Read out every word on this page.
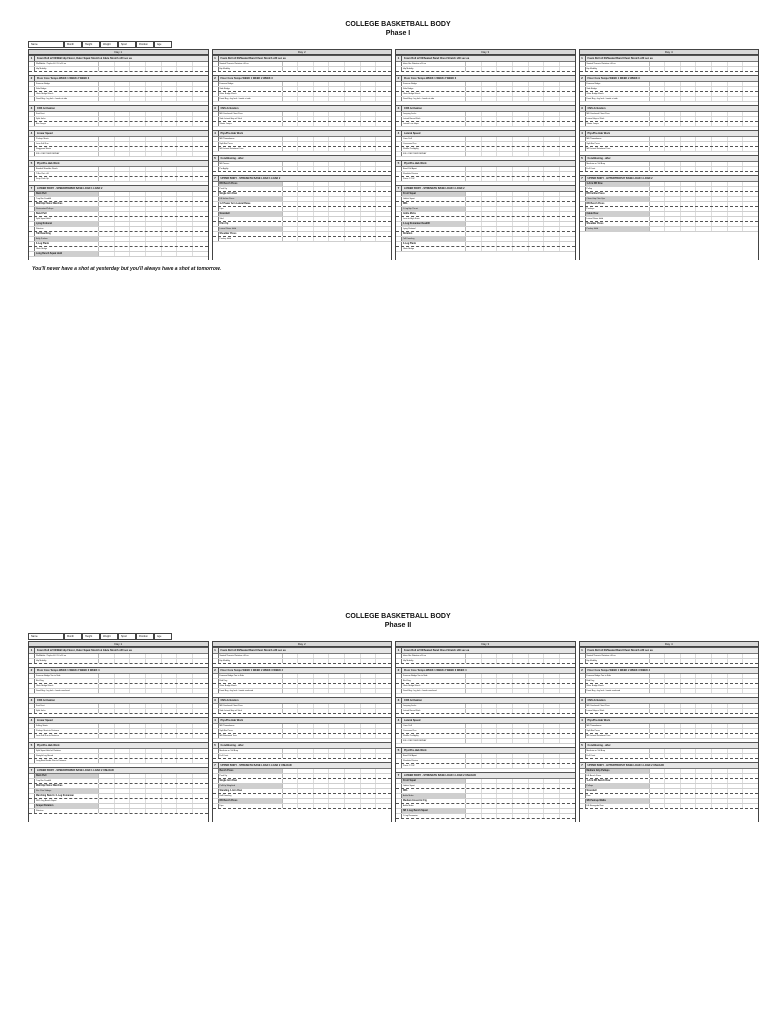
COLLEGE BASKETBALL BODY
Phase I
Name	Month	Height	Weight	Sport	Position	Age
Day 1
1	Foam Roll x2:00/Wall Hip Flexor, Outer Squat Stretch & Glute Stretch x30 sec ea
Wall Ankle / Triple x10 / 10 x10 ea
Hip Mobility
2	Floor Core Tempo WEEK 1 WEEK 2 WEEK 3
Forearm Bridge
Side Bridge
Glute Bridge March
Dead Bug - leg lock - hands at side
3	CNS Activation
Fast Feet
Split Jacks
Box Jumps
4	Linear Speed
Pushup Starts
Lean Fall Run
Staggered Starts
FULL REST B/W REPEAT
5	Plyo/Pre-Hab Work
Banded Shoulder Reach
T-Bar Rot. x10
Scap Push Up
7	LOWER BODY - SPEED/POWER BASE LOAD 1 LOAD 2
Rack Pull
Trap Bar Deadlift
Wall Hip Flexor Marches
Restoration/Pullups
Band Pull
Split Squat Hold
Lying Rotional
Rotation
Tall Reaching
Belly Pushes
3-Leg Plank
Glute Bridge
Long Bench Squat Hold
Day 2
1	Foam Roll x2:00/Seated Band Chest Stretch x30 sec ea
Seated Thoracic Rotation x10 ea
Hip Mobility
2	Floor Core Tempo WEEK 1 WEEK 2 WEEK 3
Forearm Bridge
Side Bridge
Glute Bridge March
Dead Bug - leg lock - hands at side
3	CNS Activation
MB Overhead Chest Pass
Side Lateral Hop w/ Stick
Skater Jumps
4	Plyo/Pre-Hab Work
MB Throwdowns
Split Bar Press
MB Lateral Rotational Toss
5	Conditioning - after
MB Tosses
Pro Agility
7	UPPER BODY - STRENGTH BASE LOAD 1 LOAD 2
DB Bench Press
Push Up
Single Arm Row
DB Incline Press
1-2 Power Arm Lateral Raise
Dips
Scarebell
Sled
Chin Up
Lateral Raise Hold
Shoulder Press
Pushup Hold
Day 3
1	Foam Roll x2:00/Seated Band Chest Stretch x30 sec ea
Inline Bar Rotation x10 ea
Hip Mobility
2	Floor Core Tempo WEEK 1 WEEK 2 WEEK 3
Forearm Bridge
Side Bridge
Glute Bridge March
Dead Bug - leg lock - hands at side
3	CNS Activation
Jumping Jacks
Lateral Bound Stick
Lateral Line Hops
4	Lateral Speed
Cone Drill
Crossover Run
Shuffle Pro Agility
FULL REST B/W REPEAT
5	Plyo/Pre-Hab Work
Band Pull Apart
Shoulder Flexion
Prone Y-T-W
7	LOWER BODY - STRENGTH BASE LOAD 1 LOAD 2
Front Squat
Goblet Squat
RDL
1-Leg Hip Thrust
Ankle Mobs
Lean to High Knee
1-Leg Romanian Deadlift
Lying Rotional
Rotation
Tall Kneeling
3-Leg Plank
Glute Bridge
Day 4
1	Foam Roll x2:00/Seated Band Chest Stretch x30 sec ea
Seated Thoracic Rotation x10 ea
Hip Mobility
2	Floor Core Tempo WEEK 1 WEEK 2 WEEK 3
Forearm Bridge
Side Bridge
Glute Bridge March
Dead Bug - leg lock - hands at side
3	CNS Activation
MB Overhead Chest Pass
Lateral Hop w/ Stick
Skater Jumps
4	Plyo/Pre-Hab Work
MB Throwdowns
Split Bar Press
MB Lateral Rotational Toss
5	Conditioning - after
Medicine or Tall Burp
Full Court
7	UPPER BODY - HYPERTROPHY BASE LOAD 1 LOAD 2
1-Arm DB Row
Pullup
DB Incline Press
Close-Grip Chin Ups
DB Bench Press
Pushups
Cable Row
Lateral Raise Hold
Shoulder Press
Pushup Hold
You'll never have a shot at yesterday but you'll always have a shot at tomorrow.
COLLEGE BASKETBALL BODY
Phase II
Name	Month	Height	Weight	Sport	Position	Age
Day 1
1	Foam Roll x2:00/Wall Hip Flexor, Outer Squat Stretch & Glute Stretch x30 sec ea
Wall Ankle / Triple x10 / 10 x10 ea
Hip Mobility
2	Floor Core Tempo WEEK 1 WEEK 2 WEEK 3 WEEK 4
Forearm Bridge Toe to Side
Bird Dog
Glute Bridge March
Dead Bug - leg lock - hands overhead
3	CNS Activation
Fast Feet
Split Jacks
4	Linear Speed
Falling Starts
Pushup Starts to Distance
Lean Fall Run to Distance
5	Plyo/Pre-Hab Work
Split Squat Hold w/ Rotation
Straight Leg Bound
Long Bent Nordic Run to Distance
7	LOWER BODY - SPEED/POWER BASE LOAD 1 LOAD 2 UNLOAD
Rack Pull
Trap Bar Deadlift
Wall Hip Flexor Marches
Flat Chin Sitbags
Marching Band Lt 1-Leg Romanian
SB 1-Leg Bench Squat
Scapel Rotation
Rotation
Day 2
1	Foam Roll x2:00/Seated Band Chest Stretch x30 sec ea
Seated Thoracic Rotation x10 ea
Hip Mobility
2	Floor Core Tempo WEEK 1 WEEK 2 WEEK 3 WEEK 4
Forearm Bridge Toe to Side
Bird Dog
Glute Bridge March
Dead Bug - leg lock - hands overhead
3	CNS Activation
MB Overhead Chest Pass
Side Lateral Hop w/ Stick
4	Plyo/Pre-Hab Work
MB Throwdowns
Split Bar Press
MB Rotational Toss
5	Conditioning - after
Medicine or Tall Burp
Full Court
7	UPPER BODY - STRENGTH BASE LOAD 1 LOAD 2 UNLOAD
Bench Press
Push Up
Single Arm Row
Pull-Up Weighted
Standing 1-Arm Row
Half Kneeling
DB Bench Press
Dips
Day 3
1	Foam Roll x2:00/Seated Band Chest Stretch x30 sec ea
Inline Bar Rotation x10 ea
Hip Mobility
2	Floor Core Tempo WEEK 1 WEEK 2 WEEK 3 WEEK 4
Forearm Bridge Toe to Side
Bird Dog
Glute Bridge March
Dead Bug - leg lock - hands overhead
3	CNS Activation
Jumping Jacks
Lateral Bound Stick
4	Lateral Speed
Cone Drill
Crossover Run
Shuffle Pro Agility
FULL REST B/W REPEAT
5	Plyo/Pre-Hab Work
Band Pull Apart
Shoulder Flexion
Prone Y-T-W
7	LOWER BODY - STRENGTH BASE LOAD 1 LOAD 2 UNLOAD
Front Squat
Goblet Squat
RDL
Ankle Mobs
Medium Eccentric Fig
Ankle Mobs
SB 1-Leg Bench Squat
1-Leg Romanian
Day 4
1	Foam Roll x2:00/Seated Band Chest Stretch x30 sec ea
Seated Thoracic Rotation x10 ea
Hip Mobility
2	Floor Core Tempo WEEK 1 WEEK 2 WEEK 3 WEEK 4
Forearm Bridge Toe to Side
Bird Dog
Glute Bridge March
Dead Bug - leg lock - hands overhead
3	CNS Activation
MB Overhead Chest Pass
Lateral Hop w/ Stick
4	Plyo/Pre-Hab Work
MB Throwdowns
Split Bar Press
MB Lateral Rotational Toss
5	Conditioning - after
Medicine or Tall Burp
Full Court
7	UPPER BODY - HYPERTROPHY BASE LOAD 1 LOAD 2 UNLOAD
Medium Grip Pullups
DB Bench Press
1-Arm DB Bench Row
Pullups
Scarebell
Row
SB Pushup Walks
DB Renegade Row
